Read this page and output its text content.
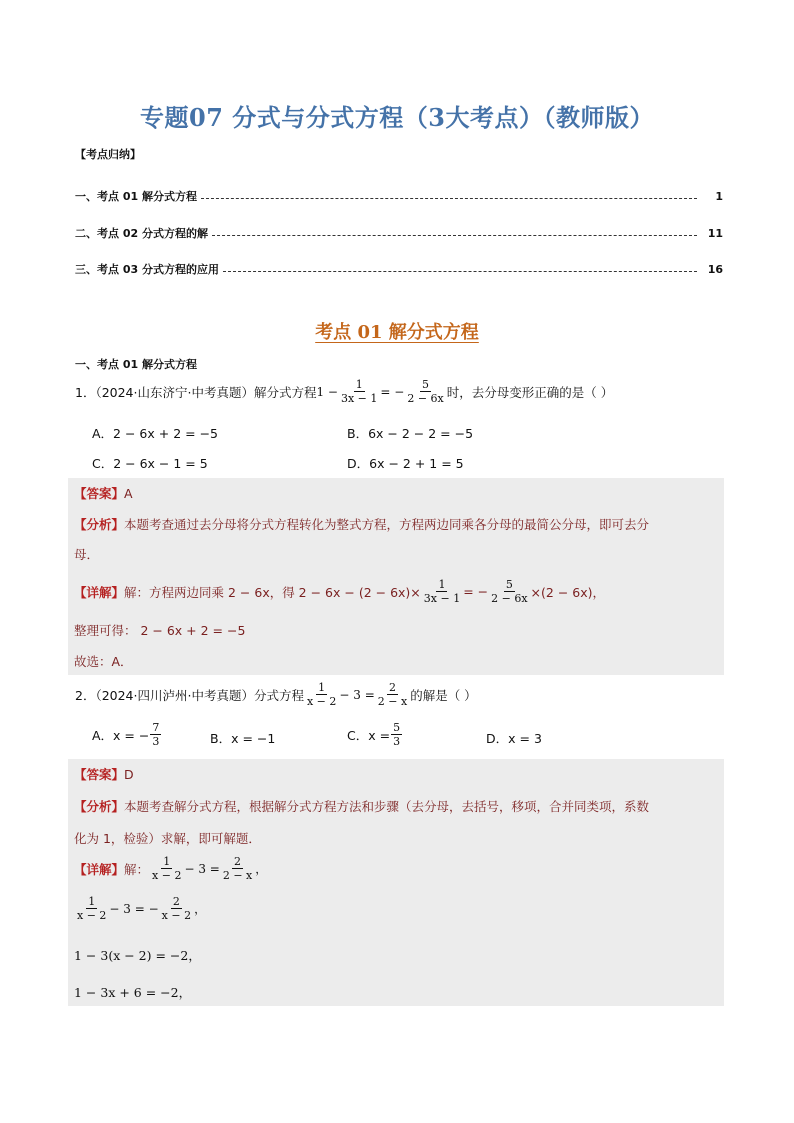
专题07 分式与分式方程（3大考点）（教师版）
【考点归纳】
一、考点 01 解分式方程	1
二、考点 02 分式方程的解	11
三、考点 03 分式方程的应用	16
考点 01 解分式方程
一、考点 01 解分式方程
1．（2024·山东济宁·中考真题）解分式方程 $1 - \frac{1}{3x - 1}$ = − $\frac{5}{2 - 6x}$ 时，去分母变形正确的是（ ）
A．2 − 6x + 2 = −5	B．6x − 2 − 2 = −5
C．2 − 6x − 1 = 5	D．6x − 2 + 1 = 5
【答案】A
【分析】本题考查通过去分母将分式方程转化为整式方程，方程两边同乘各分母的最简公分母，即可去分
母．
【详解】 解：方程两边同乘 2 − 6x，得 $2 - 6x - (2 - 6x)\times \frac{1}{3x - 1}$ = − $\frac{5}{2 - 6x} \times(2 - 6x)$，
整理可得： 2 − 6x + 2 = −5
故选：A．
2．（2024·四川泸州·中考真题）分式方程 $\frac{1}{x - 2} - 3 = \frac{2}{2 - x}$ 的解是（ ）
A．x = − $\frac{7}{3}$	B．x = −1	C．$x = \frac{5}{3}$	D．x = 3
【答案】D
【分析】本题考查解分式方程，根据解分式方程方法和步骤（去分母，去括号，移项，合并同类项，系数
化为 1，检验）求解，即可解题．
【详解】 解： $\frac{1}{x - 2} - 3 = \frac{2}{2 - x}$ ，
$\frac{1}{x - 2} - 3$ = − $\frac{2}{x - 2}$ ，
1 − 3(x − 2) = −2，
1 − 3x + 6 = −2，
